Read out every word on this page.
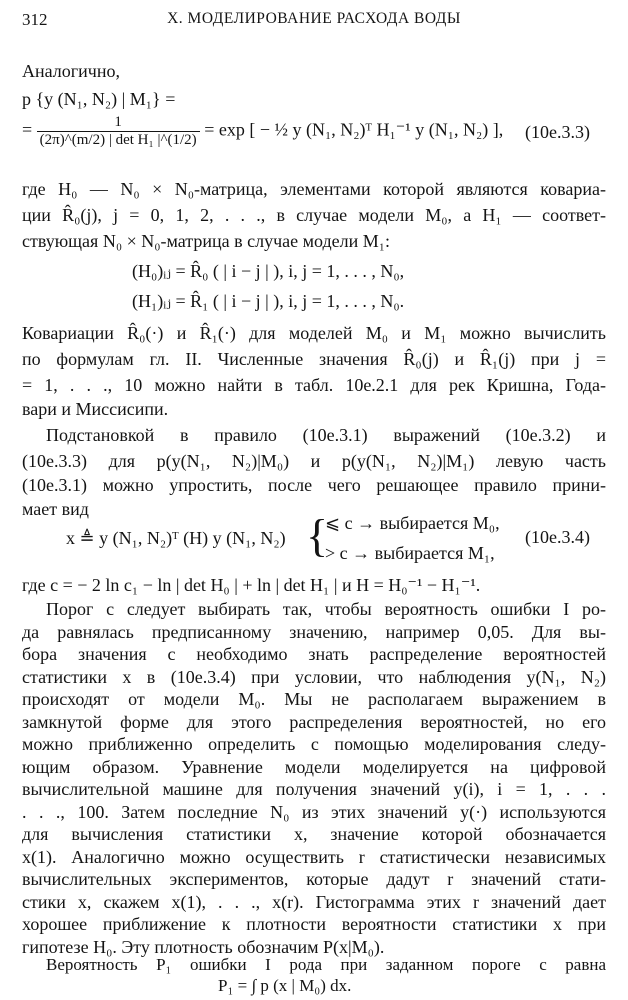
312	X. МОДЕЛИРОВАНИЕ РАСХОДА ВОДЫ
Аналогично,
p {y (N₁, N₂) | M₁} =
= $\frac{1}{\text{(2π)\textasciicircum{}(m/2) | det H₁ |\textasciicircum{}(1/2)}} = \exp$ [ − ½ y (N₁, N₂)ᵀ H₁⁻¹ y (N₁, N₂) ], (10е.3.3)
где H₀ — N₀ × N₀-матрица, элементами которой являются ковариа-
ции R̂₀(j), j = 0, 1, 2, . . ., в случае модели M₀, а H₁ — соответ-
ствующая N₀ × N₀-матрица в случае модели M₁:
(H₀)ᵢⱼ = R̂₀ ( | i − j | ), i, j = 1, . . . , N₀,
(H₁)ᵢⱼ = R̂₁ ( | i − j | ), i, j = 1, . . . , N₀.
Ковариации R̂₀(·) и R̂₁(·) для моделей M₀ и M₁ можно вычислить
по формулам гл. II. Численные значения R̂₀(j) и R̂₁(j) при j =
= 1, . . ., 10 можно найти в табл. 10е.2.1 для рек Кришна, Года-
вари и Миссисипи.
Подстановкой в правило (10е.3.1) выражений (10е.3.2) и
(10е.3.3) для p(y(N₁, N₂)|M₀) и p(y(N₁, N₂)|M₁) левую часть
(10е.3.1) можно упростить, после чего решающее правило прини-
мает вид
x ≜ y (N₁, N₂)ᵀ (H) y (N₁, N₂) {
⩽ c → выбирается M₀,
> c → выбирается M₁,
(10е.3.4)
где c = − 2 ln c₁ − ln | det H₀ | + ln | det H₁ | и H = H₀⁻¹ − H₁⁻¹.
Порог c следует выбирать так, чтобы вероятность ошибки I ро-
да равнялась предписанному значению, например 0,05. Для вы-
бора значения c необходимо знать распределение вероятностей
статистики x в (10е.3.4) при условии, что наблюдения y(N₁, N₂)
происходят от модели M₀. Мы не располагаем выражением в
замкнутой форме для этого распределения вероятностей, но его
можно приближенно определить с помощью моделирования следу-
ющим образом. Уравнение модели моделируется на цифровой
вычислительной машине для получения значений y(i), i = 1, . . .
. . ., 100. Затем последние N₀ из этих значений y(·) используются
для вычисления статистики x, значение которой обозначается
x(1). Аналогично можно осуществить r статистически независимых
вычислительных экспериментов, которые дадут r значений стати-
стики x, скажем x(1), . . ., x(r). Гистограмма этих r значений дает
хорошее приближение к плотности вероятности статистики x при
гипотезе H₀. Эту плотность обозначим P(x|M₀).
Вероятность P₁ ошибки I рода при заданном пороге c равна
P₁ = ∫ p (x | M₀) dx.
